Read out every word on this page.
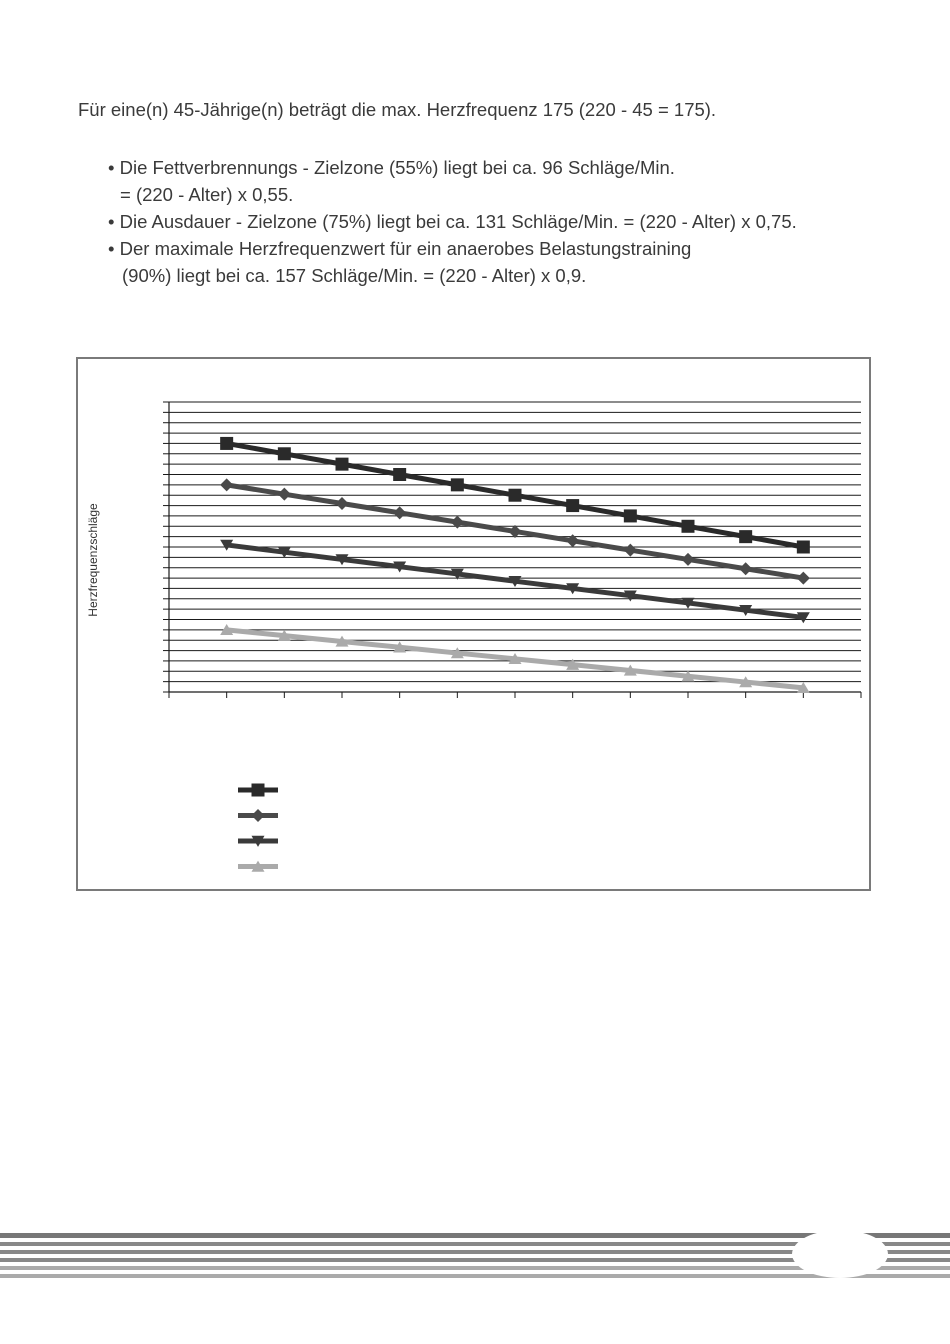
Für eine(n) 45-Jährige(n) beträgt die max. Herzfrequenz 175 (220 - 45 = 175).

• Die Fettverbrennungs - Zielzone (55%) liegt bei ca. 96 Schläge/Min.
= (220 - Alter) x 0,55.
• Die Ausdauer - Zielzone (75%) liegt bei ca. 131 Schläge/Min. = (220 - Alter) x 0,75.
• Der maximale Herzfrequenzwert für ein anaerobes Belastungstraining
(90%) liegt bei ca. 157 Schläge/Min. = (220 - Alter) x 0,9.
Herzfrequenzschläge
